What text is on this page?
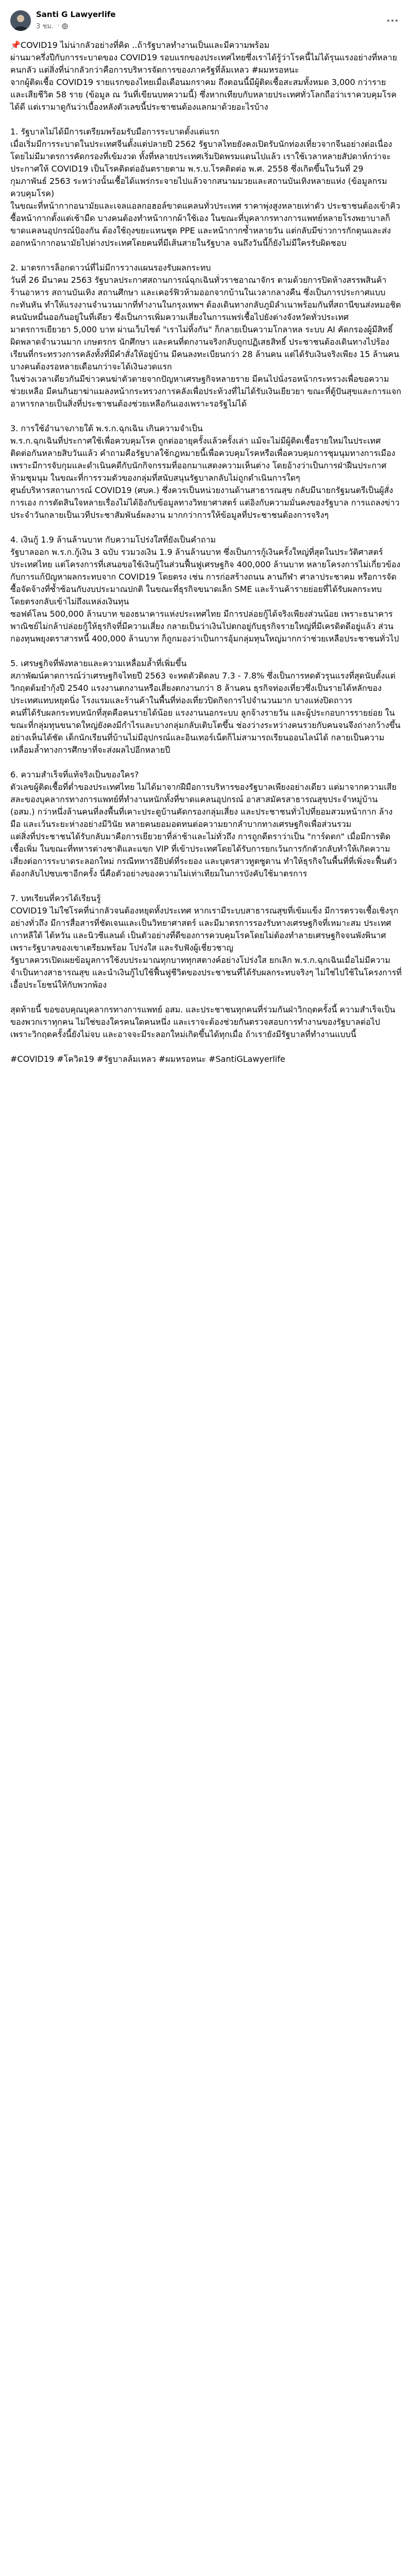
Santi G Lawyerlife
3 ชม. ·

📌COVID19 ไม่น่ากลัวอย่างที่คิด ..ถ้ารัฐบาลทำงานเป็นและมีความพร้อม

ผ่านมาครึ่งปีกับการระบาดของ COVID19 รอบแรกของประเทศไทยซึ่งเราได้รู้ว่าโรคนี้ไม่ได้รุนแรงอย่างที่หลายคนกลัว แต่สิ่งที่น่ากลัวกว่าคือการบริหารจัดการของภาครัฐที่ล้มเหลว #ผมหรอหนะ

จากผู้ติดเชื้อ COVID19 รายแรกของไทยเมื่อเดือนมกราคม ถึงตอนนี้มีผู้ติดเชื้อสะสมทั้งหมด 3,000 กว่าราย และเสียชีวิต 58 ราย (ข้อมูล ณ วันที่เขียนบทความนี้) ซึ่งหากเทียบกับหลายประเทศทั่วโลกถือว่าเราควบคุมโรคได้ดี แต่เรามาดูกันว่าเบื้องหลังตัวเลขนี้ประชาชนต้องแลกมาด้วยอะไรบ้าง

1. รัฐบาลไม่ได้มีการเตรียมพร้อมรับมือการระบาดตั้งแต่แรก

เมื่อเริ่มมีการระบาดในประเทศจีนตั้งแต่ปลายปี 2562 รัฐบาลไทยยังคงเปิดรับนักท่องเที่ยวจากจีนอย่างต่อเนื่องโดยไม่มีมาตรการคัดกรองที่เข้มงวด ทั้งที่หลายประเทศเริ่มปิดพรมแดนไปแล้ว เราใช้เวลาหลายสัปดาห์กว่าจะประกาศให้ COVID19 เป็นโรคติดต่ออันตรายตาม พ.ร.บ.โรคติดต่อ พ.ศ. 2558 ซึ่งเกิดขึ้นในวันที่ 29 กุมภาพันธ์ 2563 ระหว่างนั้นเชื้อได้แพร่กระจายไปแล้วจากสนามมวยและสถานบันเทิงหลายแห่ง (ข้อมูลกรมควบคุมโรค)

ในขณะที่หน้ากากอนามัยและเจลแอลกอฮอล์ขาดแคลนทั่วประเทศ ราคาพุ่งสูงหลายเท่าตัว ประชาชนต้องเข้าคิวซื้อหน้ากากตั้งแต่เช้ามืด บางคนต้องทำหน้ากากผ้าใช้เอง ในขณะที่บุคลากรทางการแพทย์หลายโรงพยาบาลก็ขาดแคลนอุปกรณ์ป้องกัน ต้องใช้ถุงขยะแทนชุด PPE และหน้ากากซ้ำหลายวัน แต่กลับมีข่าวการกักตุนและส่งออกหน้ากากอนามัยไปต่างประเทศโดยคนที่มีเส้นสายในรัฐบาล จนถึงวันนี้ก็ยังไม่มีใครรับผิดชอบ

2. มาตรการล็อกดาวน์ที่ไม่มีการวางแผนรองรับผลกระทบ

วันที่ 26 มีนาคม 2563 รัฐบาลประกาศสถานการณ์ฉุกเฉินทั่วราชอาณาจักร ตามด้วยการปิดห้างสรรพสินค้า ร้านอาหาร สถานบันเทิง สถานศึกษา และเคอร์ฟิวห้ามออกจากบ้านในเวลากลางคืน ซึ่งเป็นการประกาศแบบกะทันหัน ทำให้แรงงานจำนวนมากที่ทำงานในกรุงเทพฯ ต้องเดินทางกลับภูมิลำเนาพร้อมกันที่สถานีขนส่งหมอชิต คนนับหมื่นออกันอยู่ในที่เดียว ซึ่งเป็นการเพิ่มความเสี่ยงในการแพร่เชื้อไปยังต่างจังหวัดทั่วประเทศ

มาตรการเยียวยา 5,000 บาท ผ่านเว็บไซต์ "เราไม่ทิ้งกัน" ก็กลายเป็นความโกลาหล ระบบ AI คัดกรองผู้มีสิทธิ์ผิดพลาดจำนวนมาก เกษตรกร นักศึกษา และคนที่ตกงานจริงกลับถูกปฏิเสธสิทธิ์ ประชาชนต้องเดินทางไปร้องเรียนที่กระทรวงการคลังทั้งที่มีคำสั่งให้อยู่บ้าน มีคนลงทะเบียนกว่า 28 ล้านคน แต่ได้รับเงินจริงเพียง 15 ล้านคน บางคนต้องรอหลายเดือนกว่าจะได้เงินงวดแรก

ในช่วงเวลาเดียวกันมีข่าวคนฆ่าตัวตายจากปัญหาเศรษฐกิจหลายราย มีคนไปนั่งรอหน้ากระทรวงเพื่อขอความช่วยเหลือ มีคนกินยาฆ่าแมลงหน้ากระทรวงการคลังเพื่อประท้วงที่ไม่ได้รับเงินเยียวยา ขณะที่ตู้ปันสุขและการแจกอาหารกลายเป็นสิ่งที่ประชาชนต้องช่วยเหลือกันเองเพราะรอรัฐไม่ได้

3. การใช้อำนาจภายใต้ พ.ร.ก.ฉุกเฉิน เกินความจำเป็น

พ.ร.ก.ฉุกเฉินที่ประกาศใช้เพื่อควบคุมโรค ถูกต่ออายุครั้งแล้วครั้งเล่า แม้จะไม่มีผู้ติดเชื้อรายใหม่ในประเทศติดต่อกันหลายสิบวันแล้ว คำถามคือรัฐบาลใช้กฎหมายนี้เพื่อควบคุมโรคหรือเพื่อควบคุมการชุมนุมทางการเมือง เพราะมีการจับกุมและดำเนินคดีกับนักกิจกรรมที่ออกมาแสดงความเห็นต่าง โดยอ้างว่าเป็นการฝ่าฝืนประกาศห้ามชุมนุม ในขณะที่การรวมตัวของกลุ่มที่สนับสนุนรัฐบาลกลับไม่ถูกดำเนินการใดๆ

ศูนย์บริหารสถานการณ์ COVID19 (ศบค.) ซึ่งควรเป็นหน่วยงานด้านสาธารณสุข กลับมีนายกรัฐมนตรีเป็นผู้สั่งการเอง การตัดสินใจหลายเรื่องไม่ได้อิงกับข้อมูลทางวิทยาศาสตร์ แต่อิงกับความมั่นคงของรัฐบาล การแถลงข่าวประจำวันกลายเป็นเวทีประชาสัมพันธ์ผลงาน มากกว่าการให้ข้อมูลที่ประชาชนต้องการจริงๆ

4. เงินกู้ 1.9 ล้านล้านบาท กับความโปร่งใสที่ยังเป็นคำถาม

รัฐบาลออก พ.ร.ก.กู้เงิน 3 ฉบับ รวมวงเงิน 1.9 ล้านล้านบาท ซึ่งเป็นการกู้เงินครั้งใหญ่ที่สุดในประวัติศาสตร์ประเทศไทย แต่โครงการที่เสนอขอใช้เงินกู้ในส่วนฟื้นฟูเศรษฐกิจ 400,000 ล้านบาท หลายโครงการไม่เกี่ยวข้องกับการแก้ปัญหาผลกระทบจาก COVID19 โดยตรง เช่น การก่อสร้างถนน ลานกีฬา ศาลาประชาคม หรือการจัดซื้อจัดจ้างที่ซ้ำซ้อนกับงบประมาณปกติ ในขณะที่ธุรกิจขนาดเล็ก SME และร้านค้ารายย่อยที่ได้รับผลกระทบโดยตรงกลับเข้าไม่ถึงแหล่งเงินทุน

ซอฟต์โลน 500,000 ล้านบาท ของธนาคารแห่งประเทศไทย มีการปล่อยกู้ได้จริงเพียงส่วนน้อย เพราะธนาคารพาณิชย์ไม่กล้าปล่อยกู้ให้ธุรกิจที่มีความเสี่ยง กลายเป็นว่าเงินไปตกอยู่กับธุรกิจรายใหญ่ที่มีเครดิตดีอยู่แล้ว ส่วนกองทุนพยุงตราสารหนี้ 400,000 ล้านบาท ก็ถูกมองว่าเป็นการอุ้มกลุ่มทุนใหญ่มากกว่าช่วยเหลือประชาชนทั่วไป

5. เศรษฐกิจที่พังทลายและความเหลื่อมล้ำที่เพิ่มขึ้น

สภาพัฒน์คาดการณ์ว่าเศรษฐกิจไทยปี 2563 จะหดตัวติดลบ 7.3 - 7.8% ซึ่งเป็นการหดตัวรุนแรงที่สุดนับตั้งแต่วิกฤตต้มยำกุ้งปี 2540 แรงงานตกงานหรือเสี่ยงตกงานกว่า 8 ล้านคน ธุรกิจท่องเที่ยวซึ่งเป็นรายได้หลักของประเทศแทบหยุดนิ่ง โรงแรมและร้านค้าในพื้นที่ท่องเที่ยวปิดกิจการไปจำนวนมาก บางแห่งปิดถาวร

คนที่ได้รับผลกระทบหนักที่สุดคือคนรายได้น้อย แรงงานนอกระบบ ลูกจ้างรายวัน และผู้ประกอบการรายย่อย ในขณะที่กลุ่มทุนขนาดใหญ่ยังคงมีกำไรและบางกลุ่มกลับเติบโตขึ้น ช่องว่างระหว่างคนรวยกับคนจนจึงถ่างกว้างขึ้นอย่างเห็นได้ชัด เด็กนักเรียนที่บ้านไม่มีอุปกรณ์และอินเทอร์เน็ตก็ไม่สามารถเรียนออนไลน์ได้ กลายเป็นความเหลื่อมล้ำทางการศึกษาที่จะส่งผลไปอีกหลายปี

6. ความสำเร็จที่แท้จริงเป็นของใคร?

ตัวเลขผู้ติดเชื้อที่ต่ำของประเทศไทย ไม่ได้มาจากฝีมือการบริหารของรัฐบาลเพียงอย่างเดียว แต่มาจากความเสียสละของบุคลากรทางการแพทย์ที่ทำงานหนักทั้งที่ขาดแคลนอุปกรณ์ อาสาสมัครสาธารณสุขประจำหมู่บ้าน (อสม.) กว่าหนึ่งล้านคนที่ลงพื้นที่เคาะประตูบ้านคัดกรองกลุ่มเสี่ยง และประชาชนทั่วไปที่ยอมสวมหน้ากาก ล้างมือ และเว้นระยะห่างอย่างมีวินัย หลายคนยอมอดทนต่อความยากลำบากทางเศรษฐกิจเพื่อส่วนรวม

แต่สิ่งที่ประชาชนได้รับกลับมาคือการเยียวยาที่ล่าช้าและไม่ทั่วถึง การถูกตีตราว่าเป็น "การ์ดตก" เมื่อมีการติดเชื้อเพิ่ม ในขณะที่ทหารต่างชาติและแขก VIP ที่เข้าประเทศโดยได้รับการยกเว้นการกักตัวกลับทำให้เกิดความเสี่ยงต่อการระบาดระลอกใหม่ กรณีทหารอียิปต์ที่ระยอง และบุตรสาวทูตซูดาน ทำให้ธุรกิจในพื้นที่ที่เพิ่งจะฟื้นตัวต้องกลับไปซบเซาอีกครั้ง นี่คือตัวอย่างของความไม่เท่าเทียมในการบังคับใช้มาตรการ

7. บทเรียนที่ควรได้เรียนรู้

COVID19 ไม่ใช่โรคที่น่ากลัวจนต้องหยุดทั้งประเทศ หากเรามีระบบสาธารณสุขที่เข้มแข็ง มีการตรวจเชื้อเชิงรุกอย่างทั่วถึง มีการสื่อสารที่ชัดเจนและเป็นวิทยาศาสตร์ และมีมาตรการรองรับทางเศรษฐกิจที่เหมาะสม ประเทศเกาหลีใต้ ไต้หวัน และนิวซีแลนด์ เป็นตัวอย่างที่ดีของการควบคุมโรคโดยไม่ต้องทำลายเศรษฐกิจจนพังพินาศ เพราะรัฐบาลของเขาเตรียมพร้อม โปร่งใส และรับฟังผู้เชี่ยวชาญ

รัฐบาลควรเปิดเผยข้อมูลการใช้งบประมาณทุกบาททุกสตางค์อย่างโปร่งใส ยกเลิก พ.ร.ก.ฉุกเฉินเมื่อไม่มีความจำเป็นทางสาธารณสุข และนำเงินกู้ไปใช้ฟื้นฟูชีวิตของประชาชนที่ได้รับผลกระทบจริงๆ ไม่ใช่ไปใช้ในโครงการที่เอื้อประโยชน์ให้กับพวกพ้อง

สุดท้ายนี้ ขอขอบคุณบุคลากรทางการแพทย์ อสม. และประชาชนทุกคนที่ร่วมกันฝ่าวิกฤตครั้งนี้ ความสำเร็จเป็นของพวกเราทุกคน ไม่ใช่ของใครคนใดคนหนึ่ง และเราจะต้องช่วยกันตรวจสอบการทำงานของรัฐบาลต่อไป เพราะวิกฤตครั้งนี้ยังไม่จบ และอาจจะมีระลอกใหม่เกิดขึ้นได้ทุกเมื่อ ถ้าเรายังมีรัฐบาลที่ทำงานแบบนี้

#COVID19 #โควิด19 #รัฐบาลล้มเหลว #ผมหรอหนะ #SantiGLawyerlife
